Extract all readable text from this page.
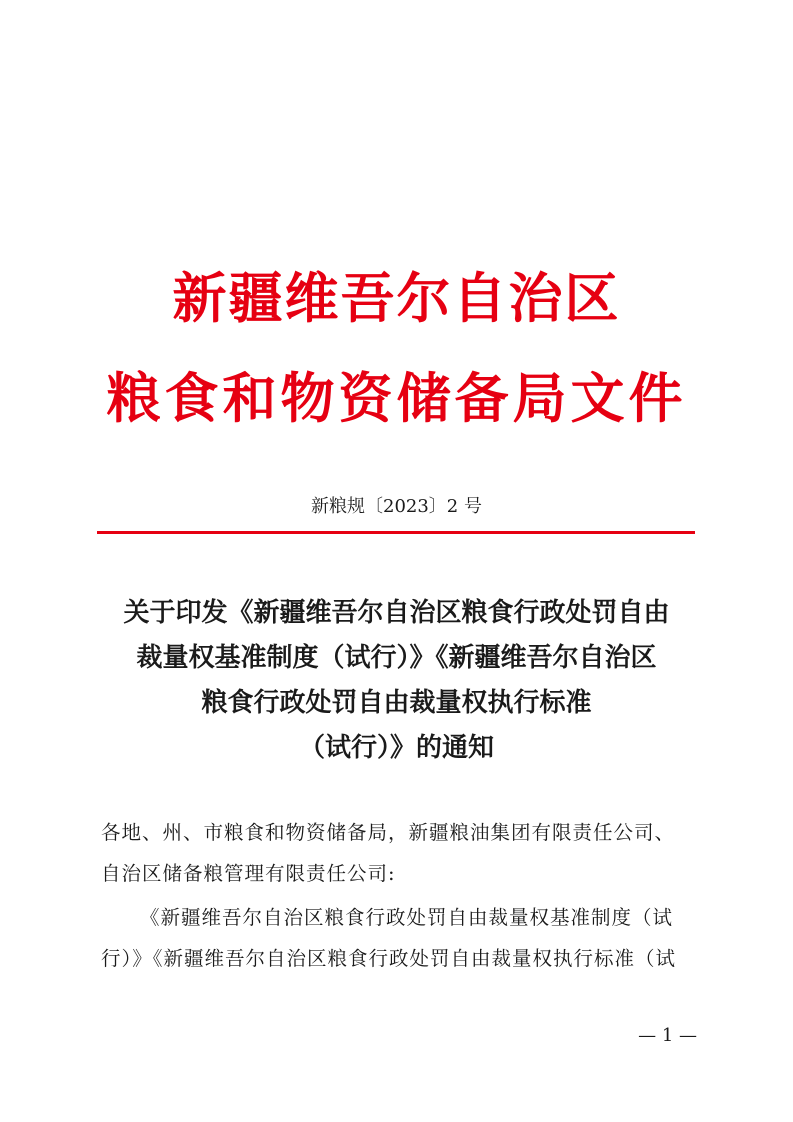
新疆维吾尔自治区
粮食和物资储备局文件
新粮规〔2023〕2 号
关于印发《新疆维吾尔自治区粮食行政处罚自由
裁量权基准制度（试行）》《新疆维吾尔自治区
粮食行政处罚自由裁量权执行标准
（试行）》的通知
各地、州、市粮食和物资储备局，新疆粮油集团有限责任公司、
自治区储备粮管理有限责任公司:
《新疆维吾尔自治区粮食行政处罚自由裁量权基准制度（试
行）》《新疆维吾尔自治区粮食行政处罚自由裁量权执行标准（试
— 1 —
